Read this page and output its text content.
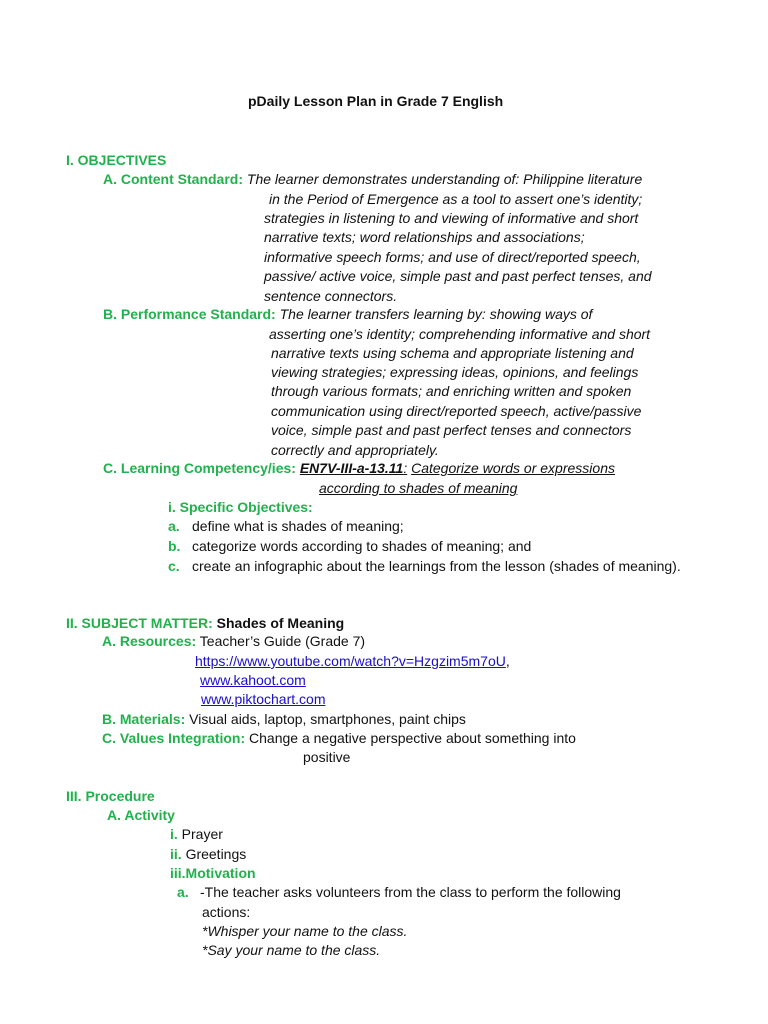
pDaily Lesson Plan in Grade 7 English
I. OBJECTIVES
A. Content Standard: The learner demonstrates understanding of: Philippine literature
in the Period of Emergence as a tool to assert one’s identity;
strategies in listening to and viewing of informative and short
narrative texts; word relationships and associations;
informative speech forms; and use of direct/reported speech,
passive/ active voice, simple past and past perfect tenses, and
sentence connectors.
B. Performance Standard: The learner transfers learning by: showing ways of
asserting one’s identity; comprehending informative and short
narrative texts using schema and appropriate listening and
viewing strategies; expressing ideas, opinions, and feelings
through various formats; and enriching written and spoken
communication using direct/reported speech, active/passive
voice, simple past and past perfect tenses and connectors
correctly and appropriately.
C. Learning Competency/ies: EN7V-III-a-13.11: Categorize words or expressions
according to shades of meaning
i. Specific Objectives:
a. define what is shades of meaning;
b. categorize words according to shades of meaning; and
c. create an infographic about the learnings from the lesson (shades of meaning).
II. SUBJECT MATTER: Shades of Meaning
A. Resources: Teacher’s Guide (Grade 7)
https://www.youtube.com/watch?v=Hzgzim5m7oU,
www.kahoot.com
www.piktochart.com
B. Materials: Visual aids, laptop, smartphones, paint chips
C. Values Integration: Change a negative perspective about something into
positive
III. Procedure
A. Activity
i. Prayer
ii. Greetings
iii.Motivation
a. -The teacher asks volunteers from the class to perform the following
actions:
*Whisper your name to the class.
*Say your name to the class.
